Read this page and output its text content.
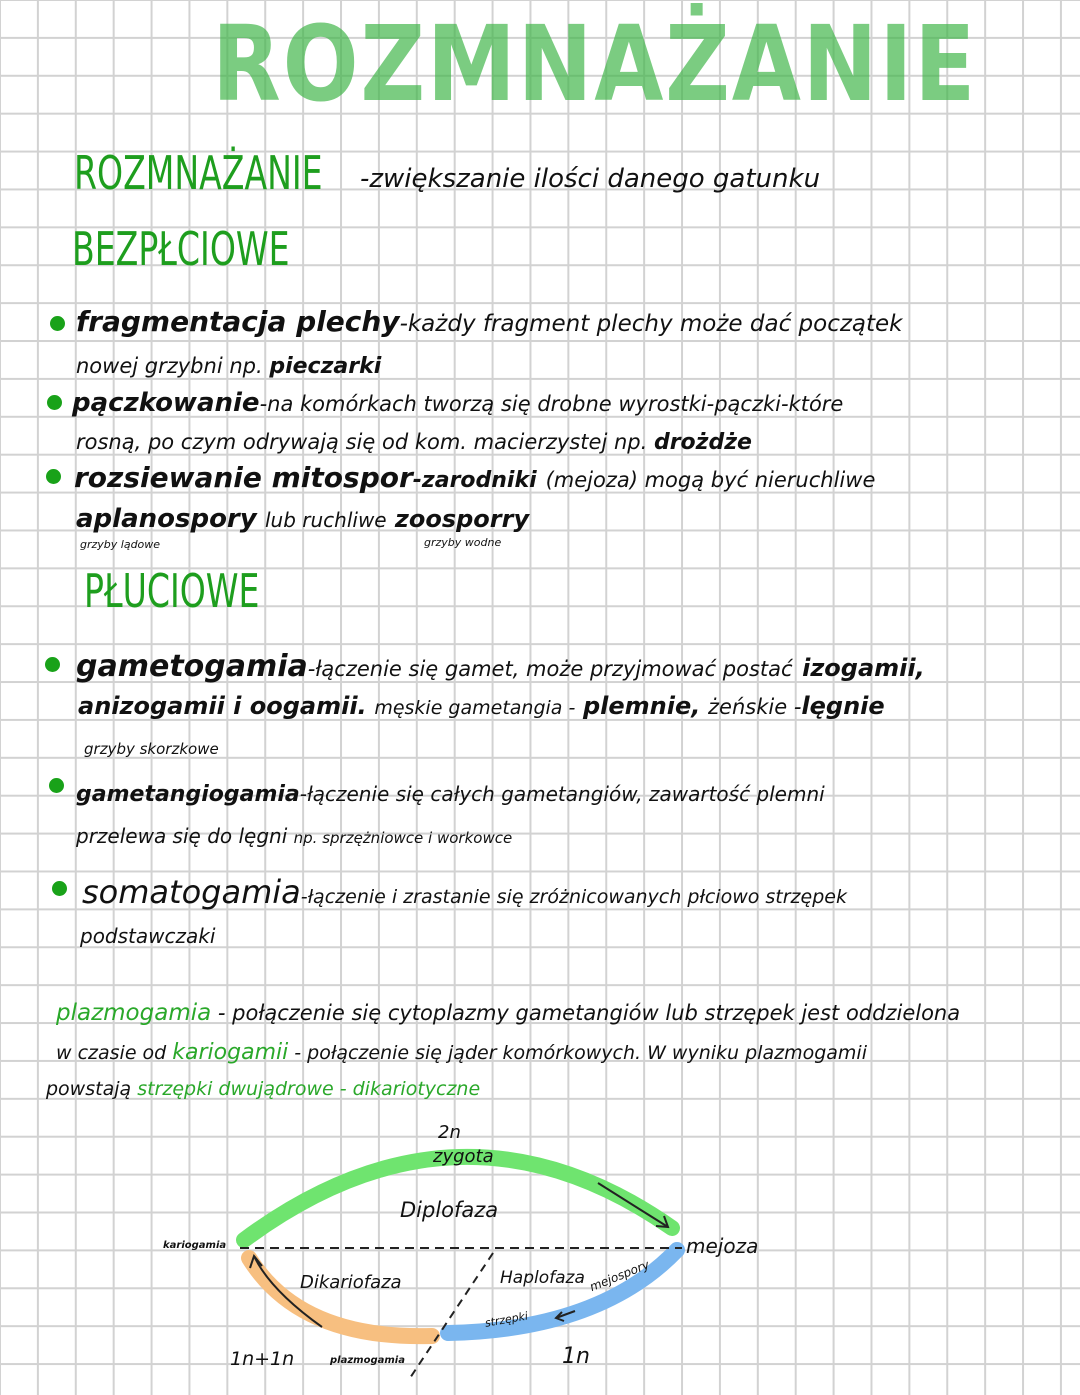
ROZMNAŻANIE
ROZMNAŻANIE	-zwiększanie ilości danego gatunku
BEZPŁCIOWE
fragmentacja plechy-każdy fragment plechy może dać początek
nowej grzybni np. pieczarki
pączkowanie-na komórkach tworzą się drobne wyrostki-pączki-które
rosną, po czym odrywają się od kom. macierzystej np. drożdże
rozsiewanie mitospor-zarodniki (mejoza) mogą być nieruchliwe
aplanospory lub ruchliwe zoosporry
grzyby lądowe	grzyby wodne
PŁUCIOWE
gametogamia-łączenie się gamet, może przyjmować postać izogamii,
anizogamii i oogamii. męskie gametangia - plemnie, żeńskie -lęgnie
grzyby skorzkowe
gametangiogamia-łączenie się całych gametangiów, zawartość plemni
przelewa się do lęgni np. sprzężniowce i workowce
somatogamia-łączenie i zrastanie się zróżnicowanych płciowo strzępek
podstawczaki
plazmogamia - połączenie się cytoplazmy gametangiów lub strzępek jest oddzielona
w czasie od kariogamii - połączenie się jąder komórkowych. W wyniku plazmogamii
powstają strzępki dwujądrowe - dikariotyczne
2n
zygota
Diplofaza
kariogamia	mejoza
Dikariofaza	Haplofaza mejospory
strzępki
1n+1n	plazmogamia	1n
